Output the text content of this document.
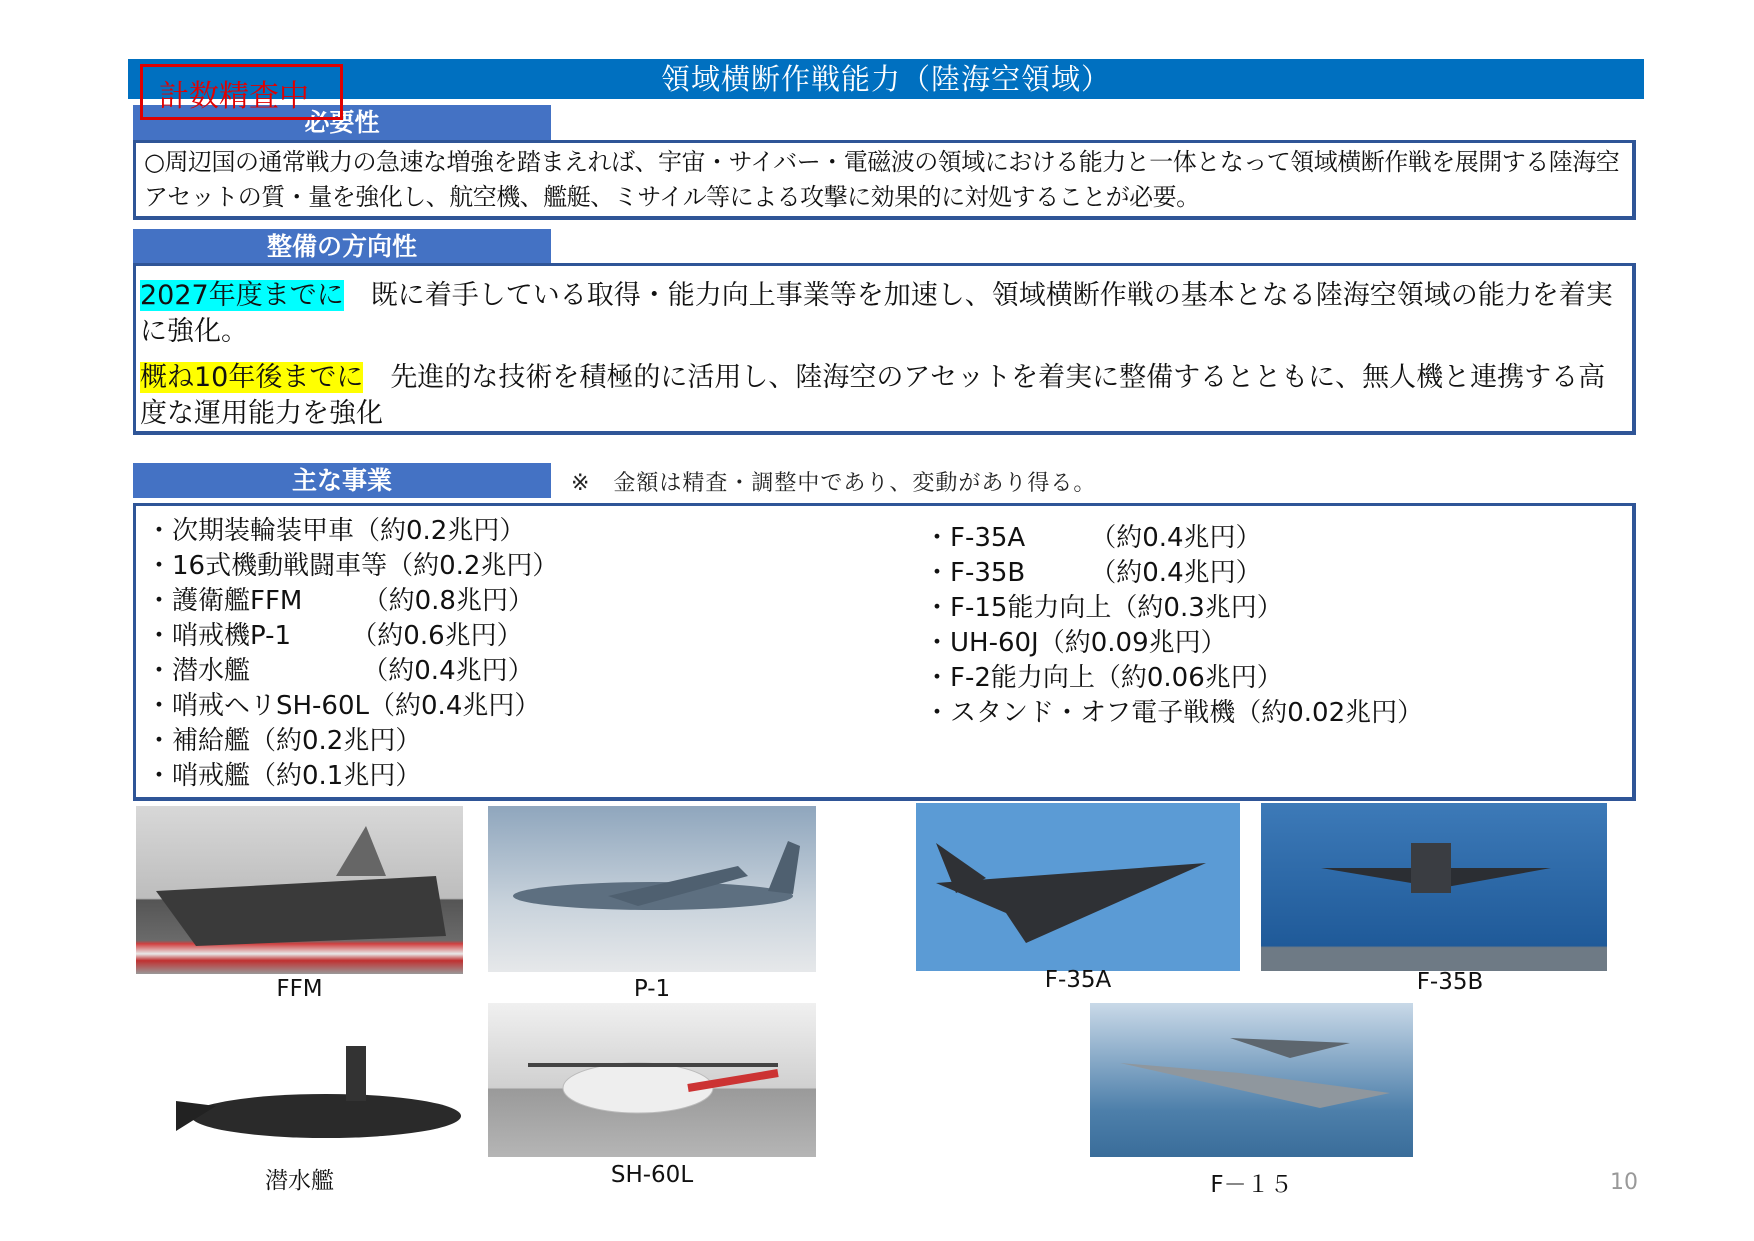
領域横断作戦能力（陸海空領域）
計数精査中
必要性
○周辺国の通常戦力の急速な増強を踏まえれば、宇宙・サイバー・電磁波の領域における能力と一体となって領域横断作戦を展開する陸海空アセットの質・量を強化し、航空機、艦艇、ミサイル等による攻撃に効果的に対処することが必要。
整備の方向性
2027年度までに　既に着手している取得・能力向上事業等を加速し、領域横断作戦の基本となる陸海空領域の能力を着実に強化。
概ね10年後までに　先進的な技術を積極的に活用し、陸海空のアセットを着実に整備するとともに、無人機と連携する高度な運用能力を強化
主な事業	※　金額は精査・調整中であり、変動があり得る。
・次期装輪装甲車（約0.2兆円）
・16式機動戦闘車等（約0.2兆円）
・護衛艦FFM　　 （約0.8兆円）
・哨戒機P-1　　 （約0.6兆円）
・潜水艦　　　　 （約0.4兆円）
・哨戒ヘリSH-60L（約0.4兆円）
・補給艦（約0.2兆円）
・哨戒艦（約0.1兆円）
・F-35A　　　（約0.4兆円）
・F-35B　　　（約0.4兆円）
・F-15能力向上（約0.3兆円）
・UH-60J（約0.09兆円）
・F-2能力向上（約0.06兆円）
・スタンド・オフ電子戦機（約0.02兆円）
FFM	P-1	F-35A	F-35B
潜水艦	SH-60L	F－１５	10
